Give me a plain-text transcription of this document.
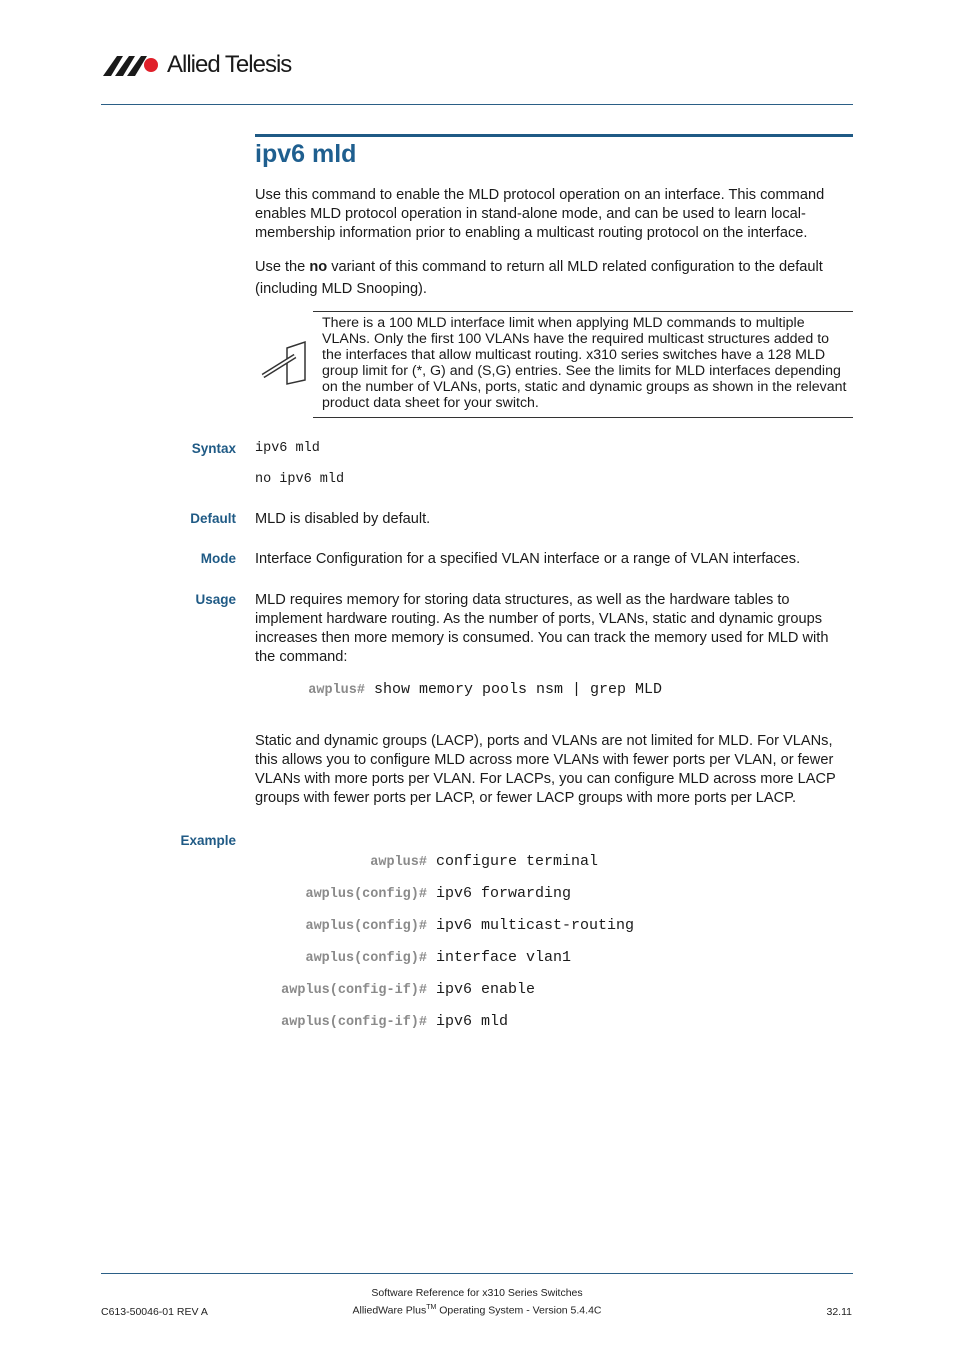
Allied Telesis
ipv6 mld
Use this command to enable the MLD protocol operation on an interface. This command enables MLD protocol operation in stand-alone mode, and can be used to learn local-membership information prior to enabling a multicast routing protocol on the interface.
Use the no variant of this command to return all MLD related configuration to the default (including MLD Snooping).
There is a 100 MLD interface limit when applying MLD commands to multiple VLANs. Only the first 100 VLANs have the required multicast structures added to the interfaces that allow multicast routing. x310 series switches have a 128 MLD group limit for (*, G) and (S,G) entries. See the limits for MLD interfaces depending on the number of VLANs, ports, static and dynamic groups as shown in the relevant product data sheet for your switch.
Syntax ipv6 mld
no ipv6 mld
Default MLD is disabled by default.
Mode Interface Configuration for a specified VLAN interface or a range of VLAN interfaces.
Usage MLD requires memory for storing data structures, as well as the hardware tables to implement hardware routing. As the number of ports, VLANs, static and dynamic groups increases then more memory is consumed. You can track the memory used for MLD with the command:
awplus# show memory pools nsm | grep MLD
Static and dynamic groups (LACP), ports and VLANs are not limited for MLD. For VLANs, this allows you to configure MLD across more VLANs with fewer ports per VLAN, or fewer VLANs with more ports per VLAN. For LACPs, you can configure MLD across more LACP groups with fewer ports per LACP, or fewer LACP groups with more ports per LACP.
Example
awplus# configure terminal
awplus(config)# ipv6 forwarding
awplus(config)# ipv6 multicast-routing
awplus(config)# interface vlan1
awplus(config-if)# ipv6 enable
awplus(config-if)# ipv6 mld
Software Reference for x310 Series Switches
AlliedWare Plus™ Operating System - Version 5.4.4C
C613-50046-01 REV A	32.11
